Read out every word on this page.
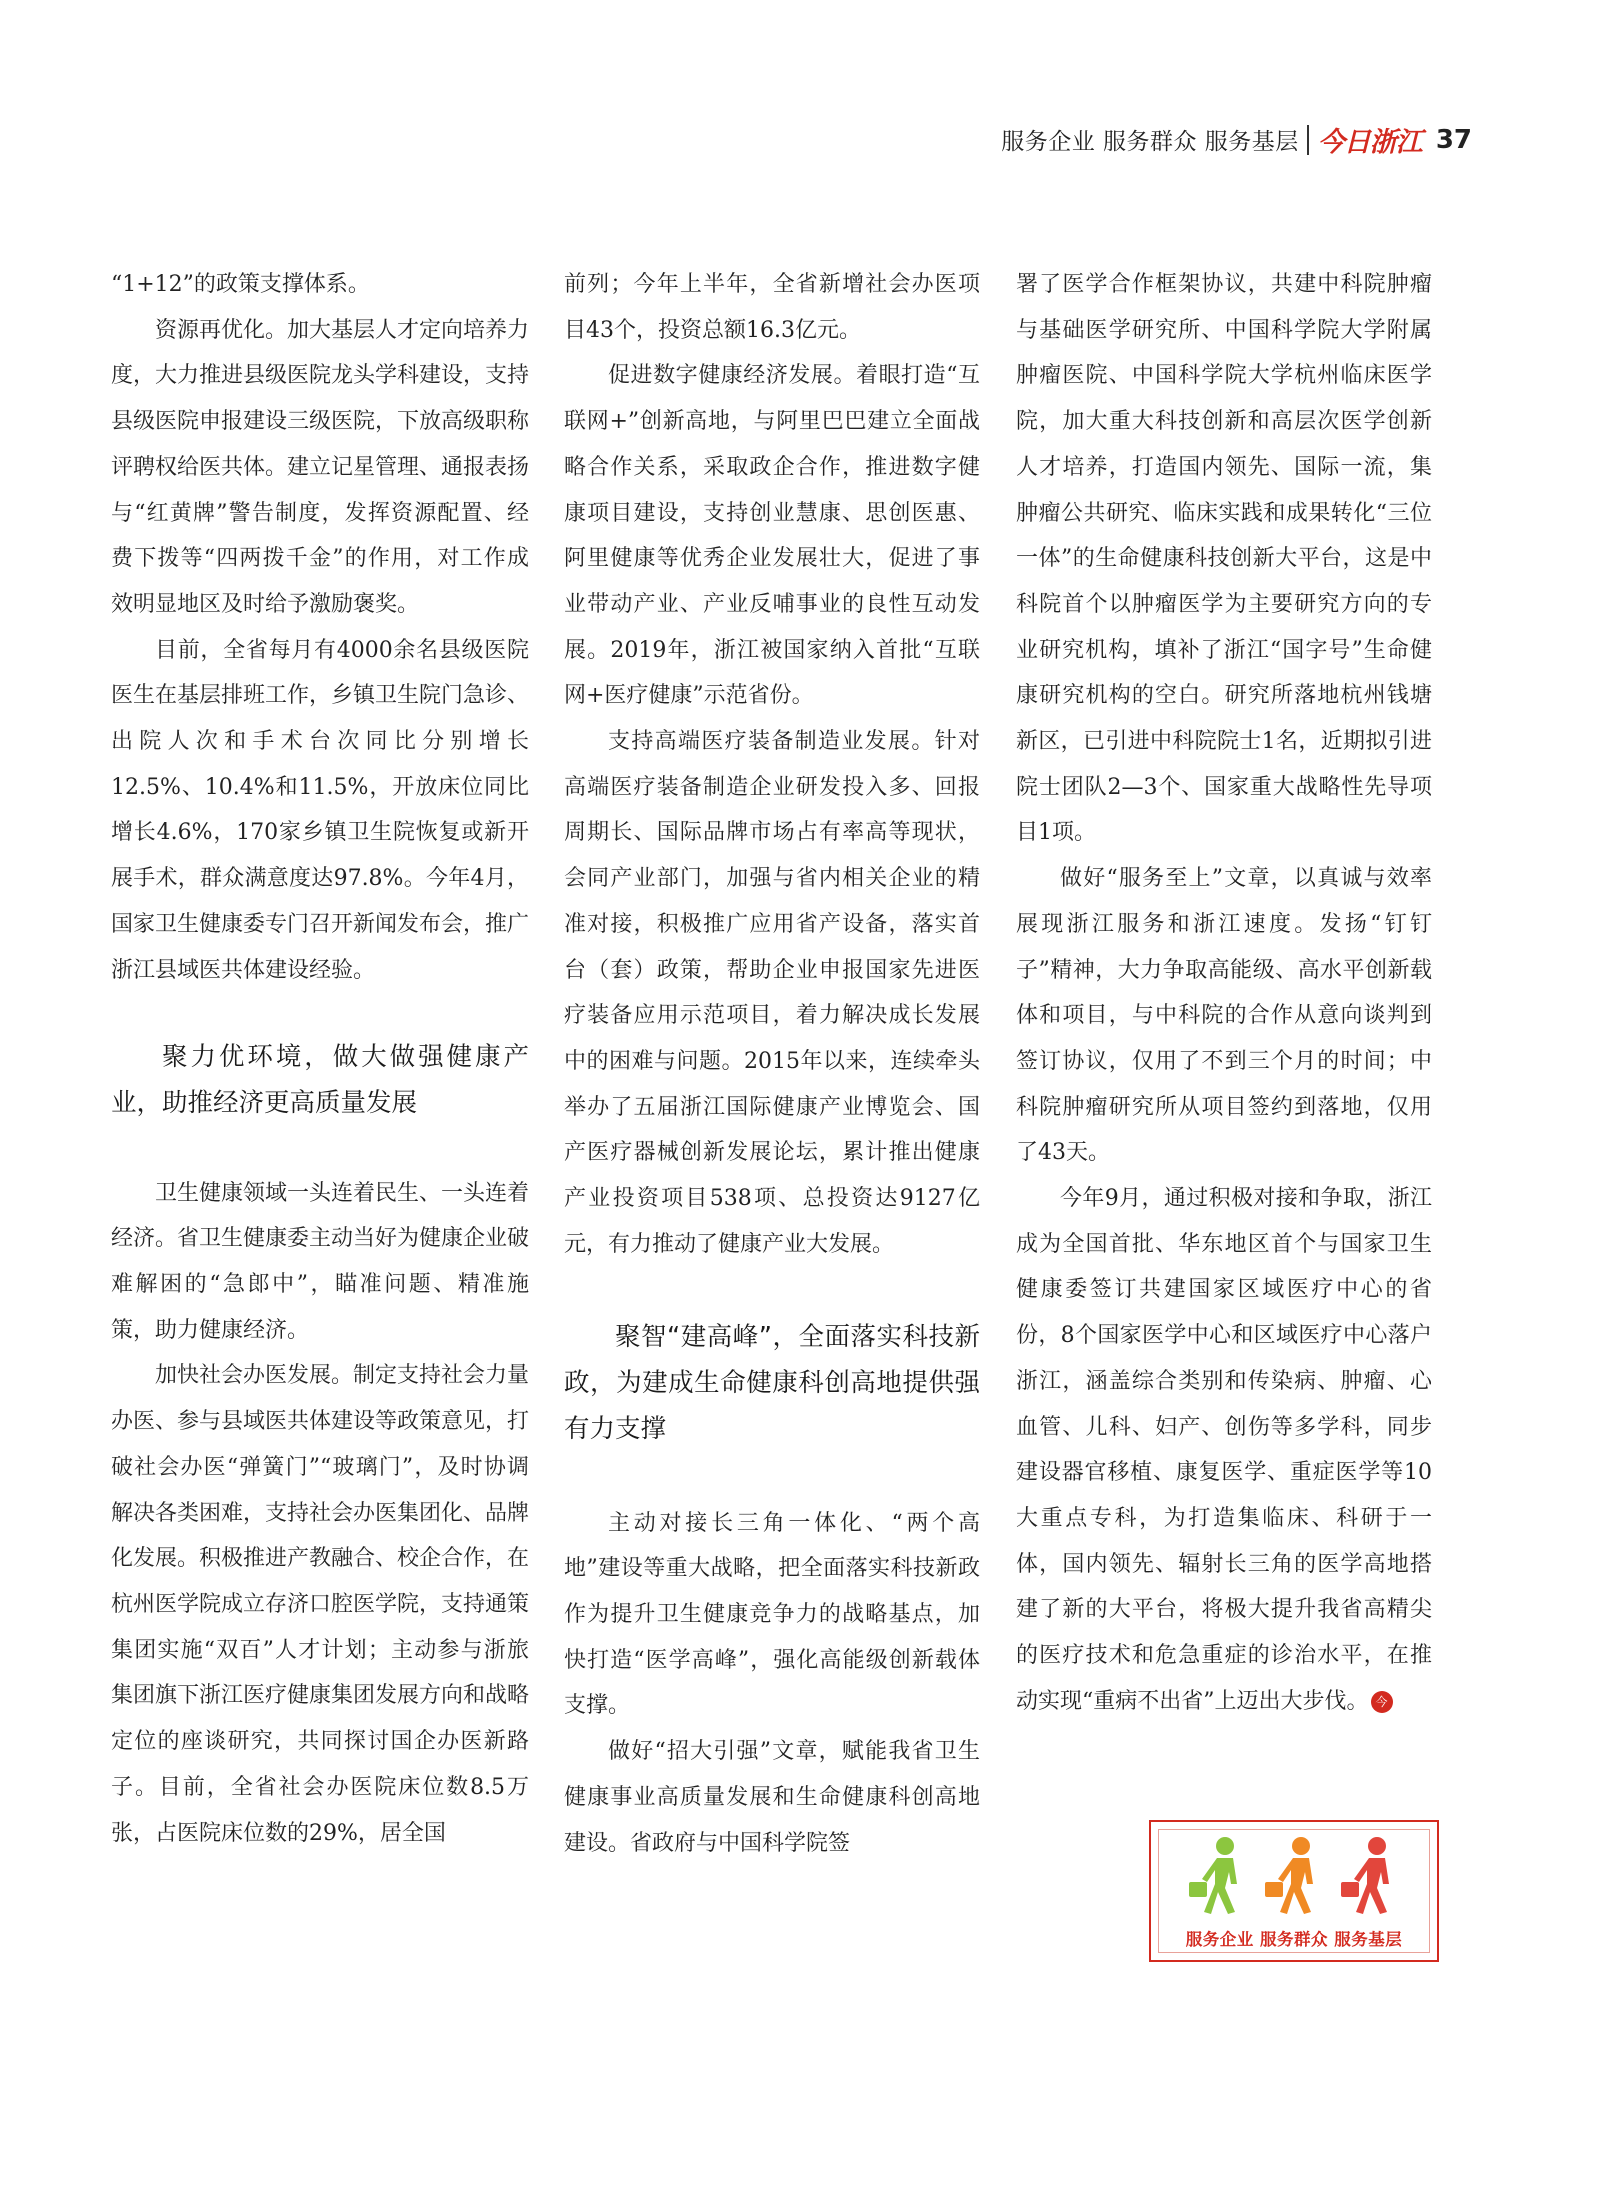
服务企业 服务群众 服务基层 今日浙江 37

“1+12”的政策支撑体系。

资源再优化。加大基层人才定向培养力度，大力推进县级医院龙头学科建设，支持县级医院申报建设三级医院，下放高级职称评聘权给医共体。建立记星管理、通报表扬与“红黄牌”警告制度，发挥资源配置、经费下拨等“四两拨千金”的作用，对工作成效明显地区及时给予激励褒奖。

目前，全省每月有4000余名县级医院医生在基层排班工作，乡镇卫生院门急诊、出院人次和手术台次同比分别增长12.5%、10.4%和11.5%，开放床位同比增长4.6%，170家乡镇卫生院恢复或新开展手术，群众满意度达97.8%。今年4月，国家卫生健康委专门召开新闻发布会，推广浙江县域医共体建设经验。

聚力优环境，做大做强健康产业，助推经济更高质量发展

卫生健康领域一头连着民生、一头连着经济。省卫生健康委主动当好为健康企业破难解困的“急郎中”，瞄准问题、精准施策，助力健康经济。

加快社会办医发展。制定支持社会力量办医、参与县域医共体建设等政策意见，打破社会办医“弹簧门”“玻璃门”，及时协调解决各类困难，支持社会办医集团化、品牌化发展。积极推进产教融合、校企合作，在杭州医学院成立存济口腔医学院，支持通策集团实施“双百”人才计划；主动参与浙旅集团旗下浙江医疗健康集团发展方向和战略定位的座谈研究，共同探讨国企办医新路子。目前，全省社会办医院床位数8.5万张，占医院床位数的29%，居全国

前列；今年上半年，全省新增社会办医项目43个，投资总额16.3亿元。

促进数字健康经济发展。着眼打造“互联网+”创新高地，与阿里巴巴建立全面战略合作关系，采取政企合作，推进数字健康项目建设，支持创业慧康、思创医惠、阿里健康等优秀企业发展壮大，促进了事业带动产业、产业反哺事业的良性互动发展。2019年，浙江被国家纳入首批“互联网+医疗健康”示范省份。

支持高端医疗装备制造业发展。针对高端医疗装备制造企业研发投入多、回报周期长、国际品牌市场占有率高等现状，会同产业部门，加强与省内相关企业的精准对接，积极推广应用省产设备，落实首台（套）政策，帮助企业申报国家先进医疗装备应用示范项目，着力解决成长发展中的困难与问题。2015年以来，连续牵头举办了五届浙江国际健康产业博览会、国产医疗器械创新发展论坛，累计推出健康产业投资项目538项、总投资达9127亿元，有力推动了健康产业大发展。

聚智“建高峰”，全面落实科技新政，为建成生命健康科创高地提供强有力支撑

主动对接长三角一体化、“两个高地”建设等重大战略，把全面落实科技新政作为提升卫生健康竞争力的战略基点，加快打造“医学高峰”，强化高能级创新载体支撑。

做好“招大引强”文章，赋能我省卫生健康事业高质量发展和生命健康科创高地建设。省政府与中国科学院签

署了医学合作框架协议，共建中科院肿瘤与基础医学研究所、中国科学院大学附属肿瘤医院、中国科学院大学杭州临床医学院，加大重大科技创新和高层次医学创新人才培养，打造国内领先、国际一流，集肿瘤公共研究、临床实践和成果转化“三位一体”的生命健康科技创新大平台，这是中科院首个以肿瘤医学为主要研究方向的专业研究机构，填补了浙江“国字号”生命健康研究机构的空白。研究所落地杭州钱塘新区，已引进中科院院士1名，近期拟引进院士团队2—3个、国家重大战略性先导项目1项。

做好“服务至上”文章，以真诚与效率展现浙江服务和浙江速度。发扬“钉钉子”精神，大力争取高能级、高水平创新载体和项目，与中科院的合作从意向谈判到签订协议，仅用了不到三个月的时间；中科院肿瘤研究所从项目签约到落地，仅用了43天。

今年9月，通过积极对接和争取，浙江成为全国首批、华东地区首个与国家卫生健康委签订共建国家区域医疗中心的省份，8个国家医学中心和区域医疗中心落户浙江，涵盖综合类别和传染病、肿瘤、心血管、儿科、妇产、创伤等多学科，同步建设器官移植、康复医学、重症医学等10大重点专科，为打造集临床、科研于一体，国内领先、辐射长三角的医学高地搭建了新的大平台，将极大提升我省高精尖的医疗技术和危急重症的诊治水平，在推动实现“重病不出省”上迈出大步伐。 今

服务企业 服务群众 服务基层
